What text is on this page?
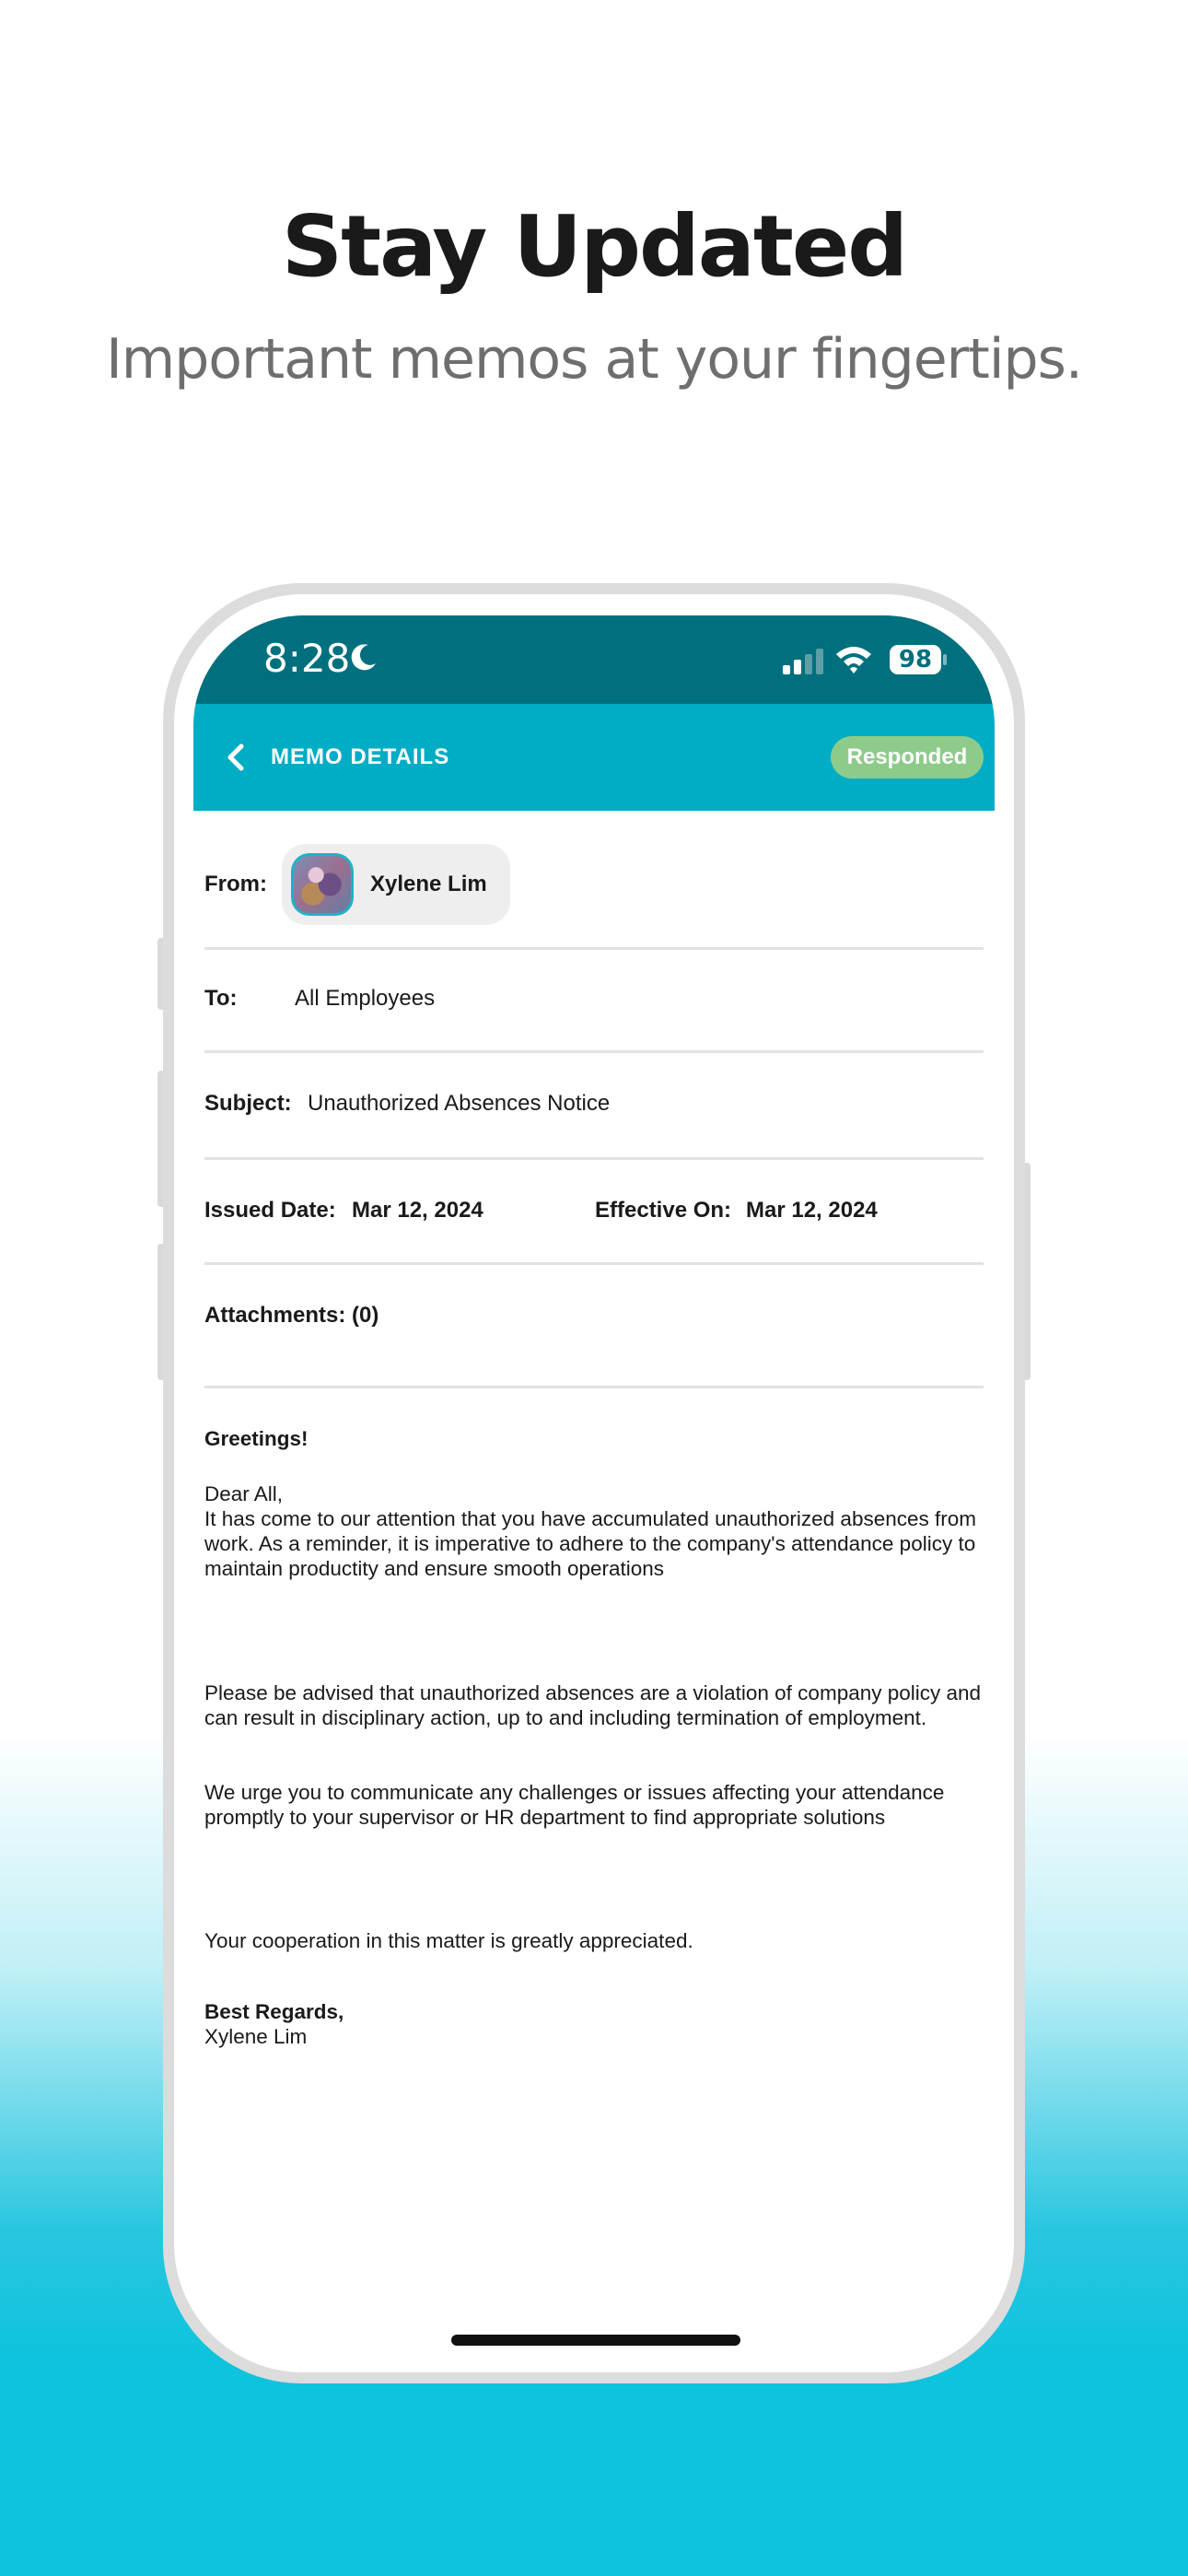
Stay Updated
Important memos at your fingertips.
8:28	98
MEMO DETAILS	Responded
From:	Xylene Lim
To:	All Employees
Subject: Unauthorized Absences Notice
Issued Date: Mar 12, 2024	Effective On: Mar 12, 2024
Attachments: (0)

Greetings!

Dear All,

It has come to our attention that you have accumulated unauthorized absences from work. As a reminder, it is imperative to adhere to the company's attendance policy to maintain productity and ensure smooth operations

Please be advised that unauthorized absences are a violation of company policy and can result in disciplinary action, up to and including termination of employment.

We urge you to communicate any challenges or issues affecting your attendance promptly to your supervisor or HR department to find appropriate solutions

Your cooperation in this matter is greatly appreciated.

Best Regards,

Xylene Lim
